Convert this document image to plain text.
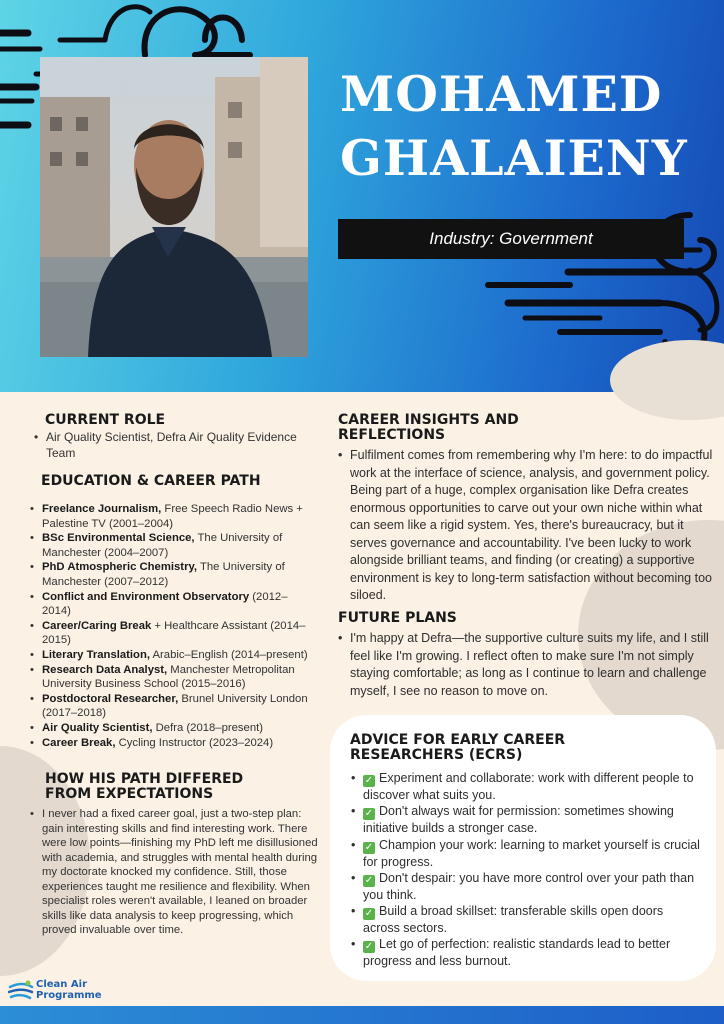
MOHAMED
GHALAIENY
Industry: Government
CURRENT ROLE
• Air Quality Scientist, Defra Air Quality Evidence Team
EDUCATION & CAREER PATH
• Freelance Journalism, Free Speech Radio News + Palestine TV (2001–2004)
• BSc Environmental Science, The University of Manchester (2004–2007)
• PhD Atmospheric Chemistry, The University of Manchester (2007–2012)
• Conflict and Environment Observatory (2012–2014)
• Career/Caring Break + Healthcare Assistant (2014–2015)
• Literary Translation, Arabic–English (2014–present)
• Research Data Analyst, Manchester Metropolitan University Business School (2015–2016)
• Postdoctoral Researcher, Brunel University London (2017–2018)
• Air Quality Scientist, Defra (2018–present)
• Career Break, Cycling Instructor (2023–2024)
HOW HIS PATH DIFFERED
FROM EXPECTATIONS
• I never had a fixed career goal, just a two-step plan: gain interesting skills and find interesting work. There were low points—finishing my PhD left me disillusioned with academia, and struggles with mental health during my doctorate knocked my confidence. Still, those experiences taught me resilience and flexibility. When specialist roles weren't available, I leaned on broader skills like data analysis to keep progressing, which proved invaluable over time.
CAREER INSIGHTS AND
REFLECTIONS
• Fulfilment comes from remembering why I'm here: to do impactful work at the interface of science, analysis, and government policy. Being part of a huge, complex organisation like Defra creates enormous opportunities to carve out your own niche within what can seem like a rigid system. Yes, there's bureaucracy, but it serves governance and accountability. I've been lucky to work alongside brilliant teams, and finding (or creating) a supportive environment is key to long-term satisfaction without becoming too siloed.
FUTURE PLANS
• I'm happy at Defra—the supportive culture suits my life, and I still feel like I'm growing. I reflect often to make sure I'm not simply staying comfortable; as long as I continue to learn and challenge myself, I see no reason to move on.
ADVICE FOR EARLY CAREER
RESEARCHERS (ECRS)
• ✓ Experiment and collaborate: work with different people to discover what suits you.
• ✓ Don't always wait for permission: sometimes showing initiative builds a stronger case.
• ✓ Champion your work: learning to market yourself is crucial for progress.
• ✓ Don't despair: you have more control over your path than you think.
• ✓ Build a broad skillset: transferable skills open doors across sectors.
• ✓ Let go of perfection: realistic standards lead to better progress and less burnout.
Clean Air
Programme
